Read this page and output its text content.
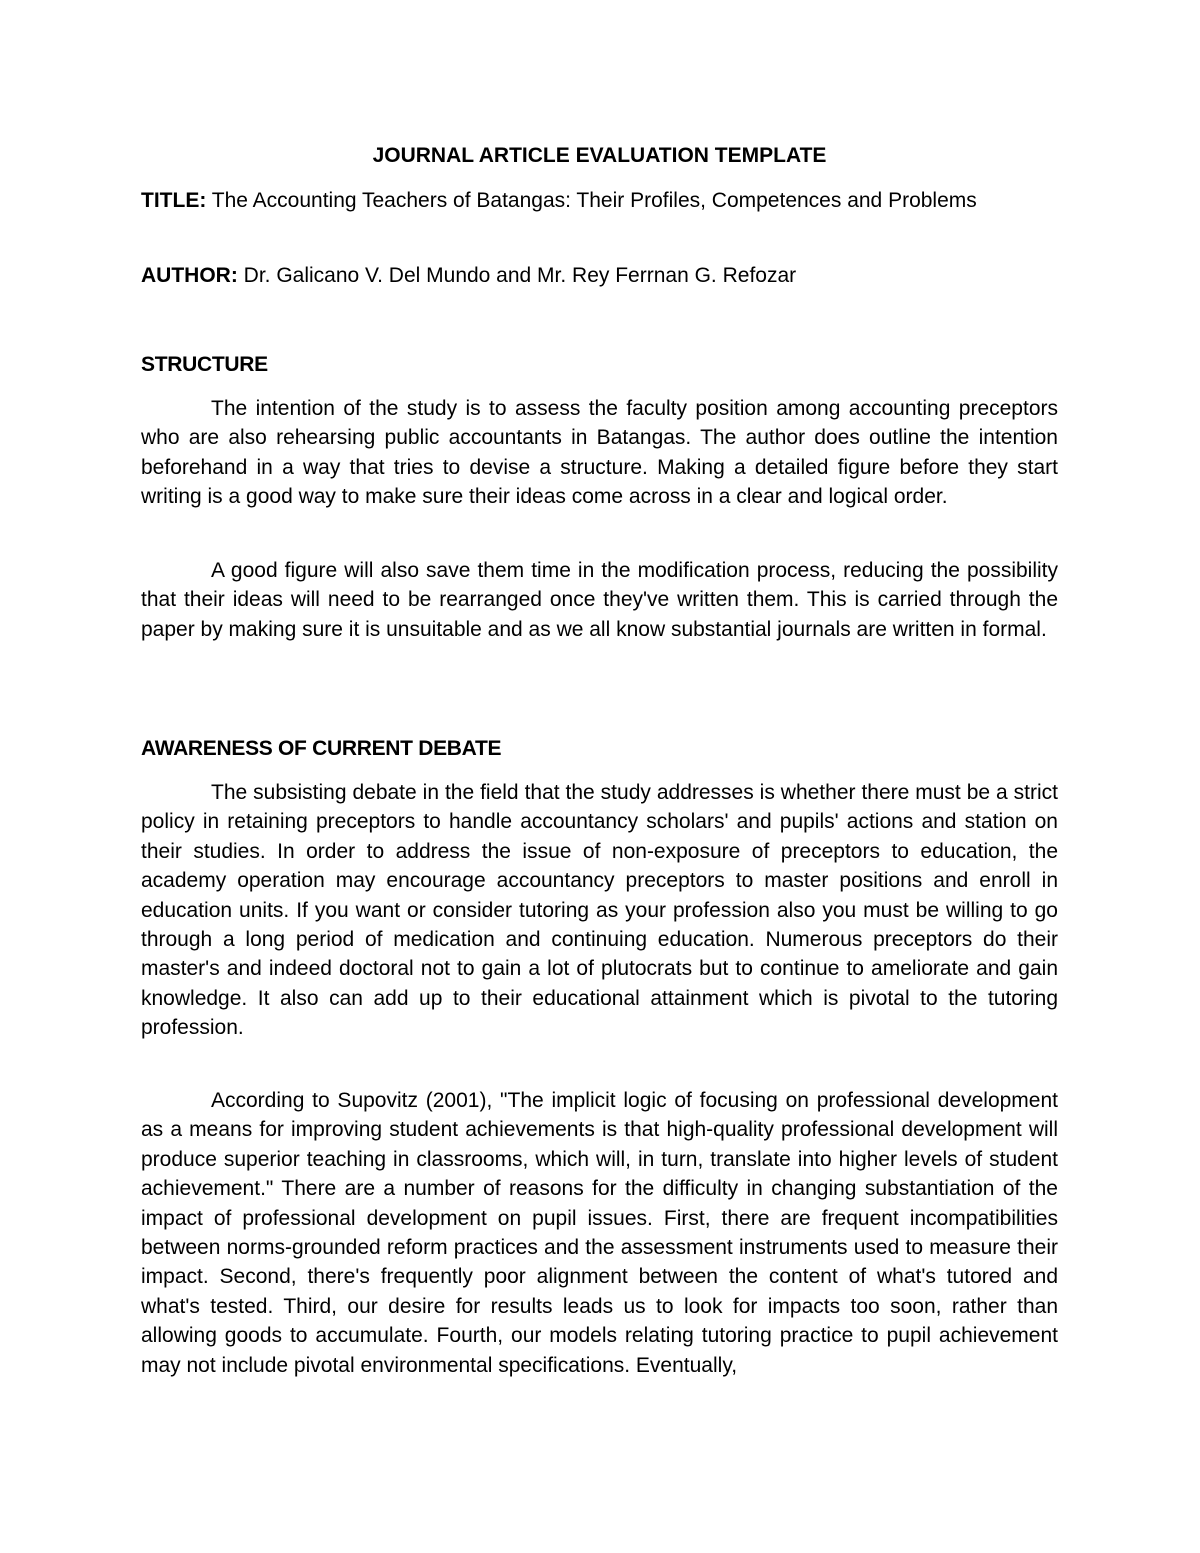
JOURNAL ARTICLE EVALUATION TEMPLATE

TITLE: The Accounting Teachers of Batangas: Their Profiles, Competences and Problems

AUTHOR: Dr. Galicano V. Del Mundo and Mr. Rey Ferrnan G. Refozar

STRUCTURE

The intention of the study is to assess the faculty position among accounting preceptors who are also rehearsing public accountants in Batangas. The author does outline the intention beforehand in a way that tries to devise a structure. Making a detailed figure before they start writing is a good way to make sure their ideas come across in a clear and logical order.

A good figure will also save them time in the modification process, reducing the possibility that their ideas will need to be rearranged once they've written them. This is carried through the paper by making sure it is unsuitable and as we all know substantial journals are written in formal.

AWARENESS OF CURRENT DEBATE

The subsisting debate in the field that the study addresses is whether there must be a strict policy in retaining preceptors to handle accountancy scholars' and pupils' actions and station on their studies. In order to address the issue of non-exposure of preceptors to education, the academy operation may encourage accountancy preceptors to master positions and enroll in education units. If you want or consider tutoring as your profession also you must be willing to go through a long period of medication and continuing education. Numerous preceptors do their master's and indeed doctoral not to gain a lot of plutocrats but to continue to ameliorate and gain knowledge. It also can add up to their educational attainment which is pivotal to the tutoring profession.

According to Supovitz (2001), "The implicit logic of focusing on professional development as a means for improving student achievements is that high-quality professional development will produce superior teaching in classrooms, which will, in turn, translate into higher levels of student achievement." There are a number of reasons for the difficulty in changing substantiation of the impact of professional development on pupil issues. First, there are frequent incompatibilities between norms-grounded reform practices and the assessment instruments used to measure their impact. Second, there's frequently poor alignment between the content of what's tutored and what's tested. Third, our desire for results leads us to look for impacts too soon, rather than allowing goods to accumulate. Fourth, our models relating tutoring practice to pupil achievement may not include pivotal environmental specifications. Eventually,
